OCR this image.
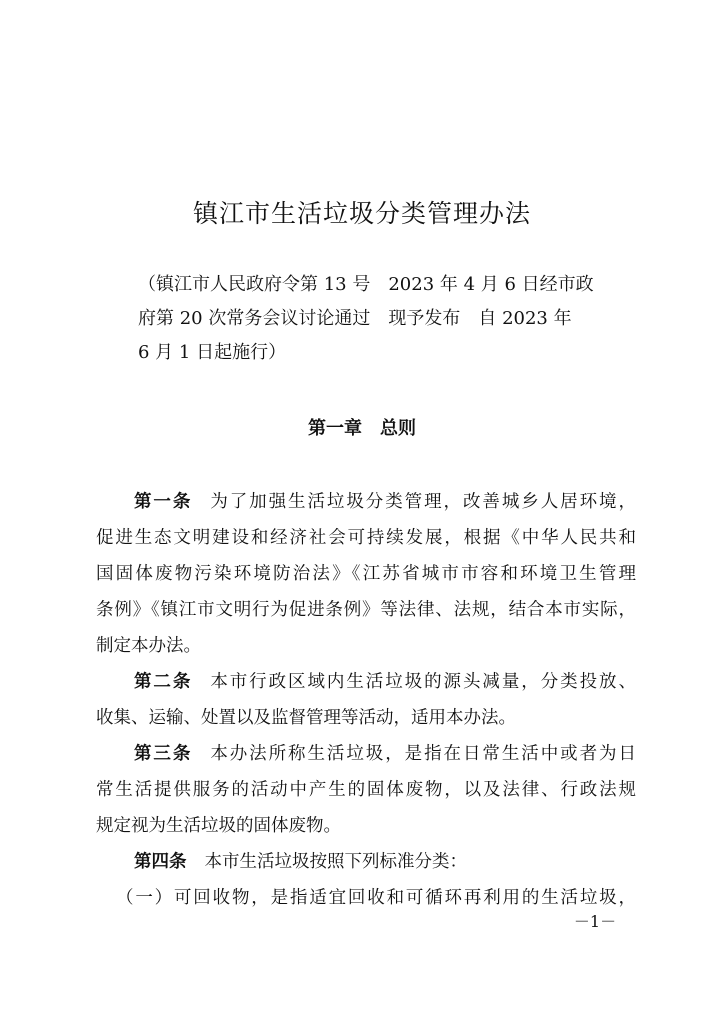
镇江市生活垃圾分类管理办法
（镇江市人民政府令第 13 号　2023 年 4 月 6 日经市政
府第 20 次常务会议讨论通过　现予发布　自 2023 年
6 月 1 日起施行）
第一章　总则
第一条 为了加强生活垃圾分类管理，改善城乡人居环境，
促进生态文明建设和经济社会可持续发展，根据《中华人民共和
国固体废物污染环境防治法》《江苏省城市市容和环境卫生管理
条例》《镇江市文明行为促进条例》等法律、法规，结合本市实际，
制定本办法。
第二条 本市行政区域内生活垃圾的源头减量，分类投放、
收集、运输、处置以及监督管理等活动，适用本办法。
第三条 本办法所称生活垃圾，是指在日常生活中或者为日
常生活提供服务的活动中产生的固体废物，以及法律、行政法规
规定视为生活垃圾的固体废物。
第四条 本市生活垃圾按照下列标准分类：
（一）可回收物，是指适宜回收和可循环再利用的生活垃圾，
－1－
